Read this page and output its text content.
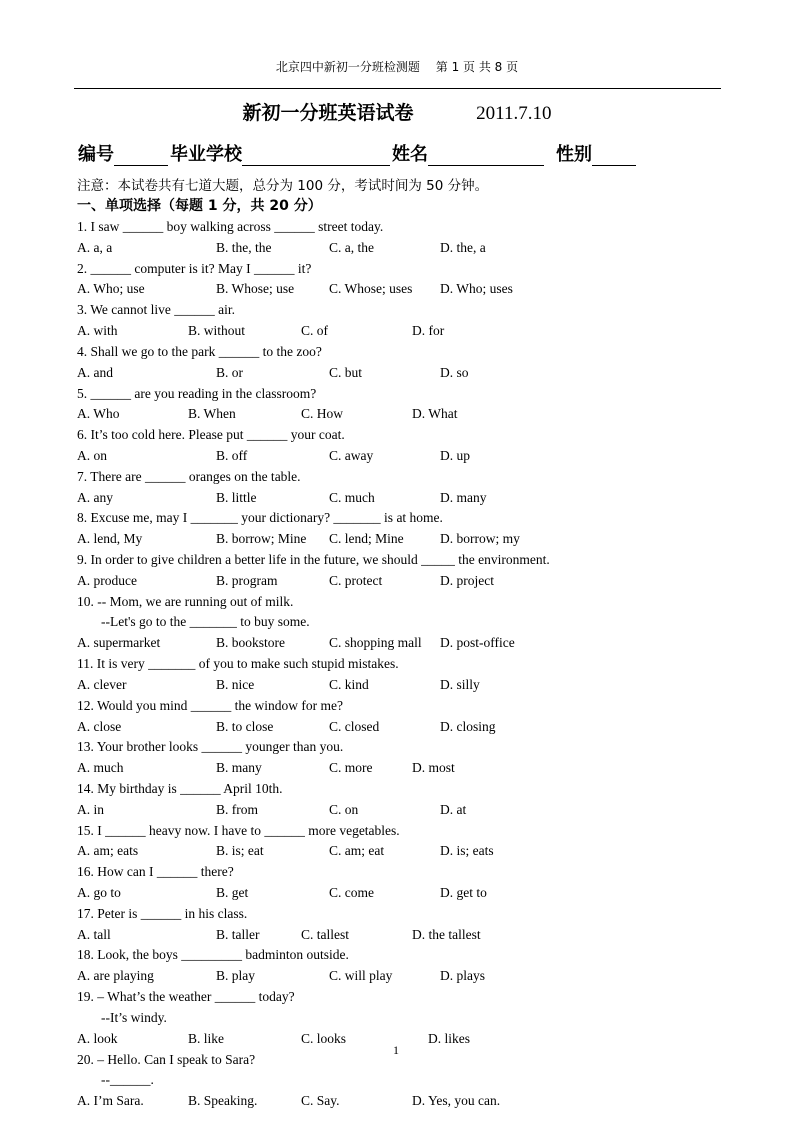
北京四中新初一分班检测题 第 1 页 共 8 页
新初一分班英语试卷	2011.7.10
编号	毕业学校	姓名	性别
注意：本试卷共有七道大题，总分为 100 分，考试时间为 50 分钟。
一、单项选择（每题 1 分，共 20 分）
1. I saw ______ boy walking across ______ street today.
A. a, a	B. the, the	C. a, the	D. the, a
2. ______ computer is it? May I ______ it?
A. Who; use	B. Whose; use	C. Whose; uses D. Who; uses
3. We cannot live ______ air.
A. with	B. without	C. of	D. for
4. Shall we go to the park ______ to the zoo?
A. and	B. or	C. but	D. so
5. ______ are you reading in the classroom?
A. Who	B. When	C. How	D. What
6. It’s too cold here. Please put ______ your coat.
A. on	B. off	C. away	D. up
7. There are ______ oranges on the table.
A. any	B. little	C. much	D. many
8. Excuse me, may I _______ your dictionary? _______ is at home.
A. lend, My	B. borrow; Mine C. lend; Mine	D. borrow; my
9. In order to give children a better life in the future, we should _____ the environment.
A. produce	B. program	C. protect	D. project
10. -- Mom, we are running out of milk.
--Let's go to the _______ to buy some.
A. supermarket	B. bookstore	C. shopping mall D. post-office
11. It is very _______ of you to make such stupid mistakes.
A. clever	B. nice	C. kind	D. silly
12. Would you mind ______ the window for me?
A. close	B. to close	C. closed	D. closing
13. Your brother looks ______ younger than you.
A. much	B. many	C. more	D. most
14. My birthday is ______ April 10th.
A. in	B. from	C. on	D. at
15. I ______ heavy now. I have to ______ more vegetables.
A. am; eats	B. is; eat	C. am; eat	D. is; eats
16. How can I ______ there?
A. go to	B. get	C. come	D. get to
17. Peter is ______ in his class.
A. tall	B. taller	C. tallest	D. the tallest
18. Look, the boys _________ badminton outside.
A. are playing	B. play	C. will play	D. plays
19. – What’s the weather ______ today?
--It’s windy.
A. look	B. like	C. looks	D. likes
20. – Hello. Can I speak to Sara?
--______.
A. I’m Sara.	B. Speaking.	C. Say.	D. Yes, you can.
1
